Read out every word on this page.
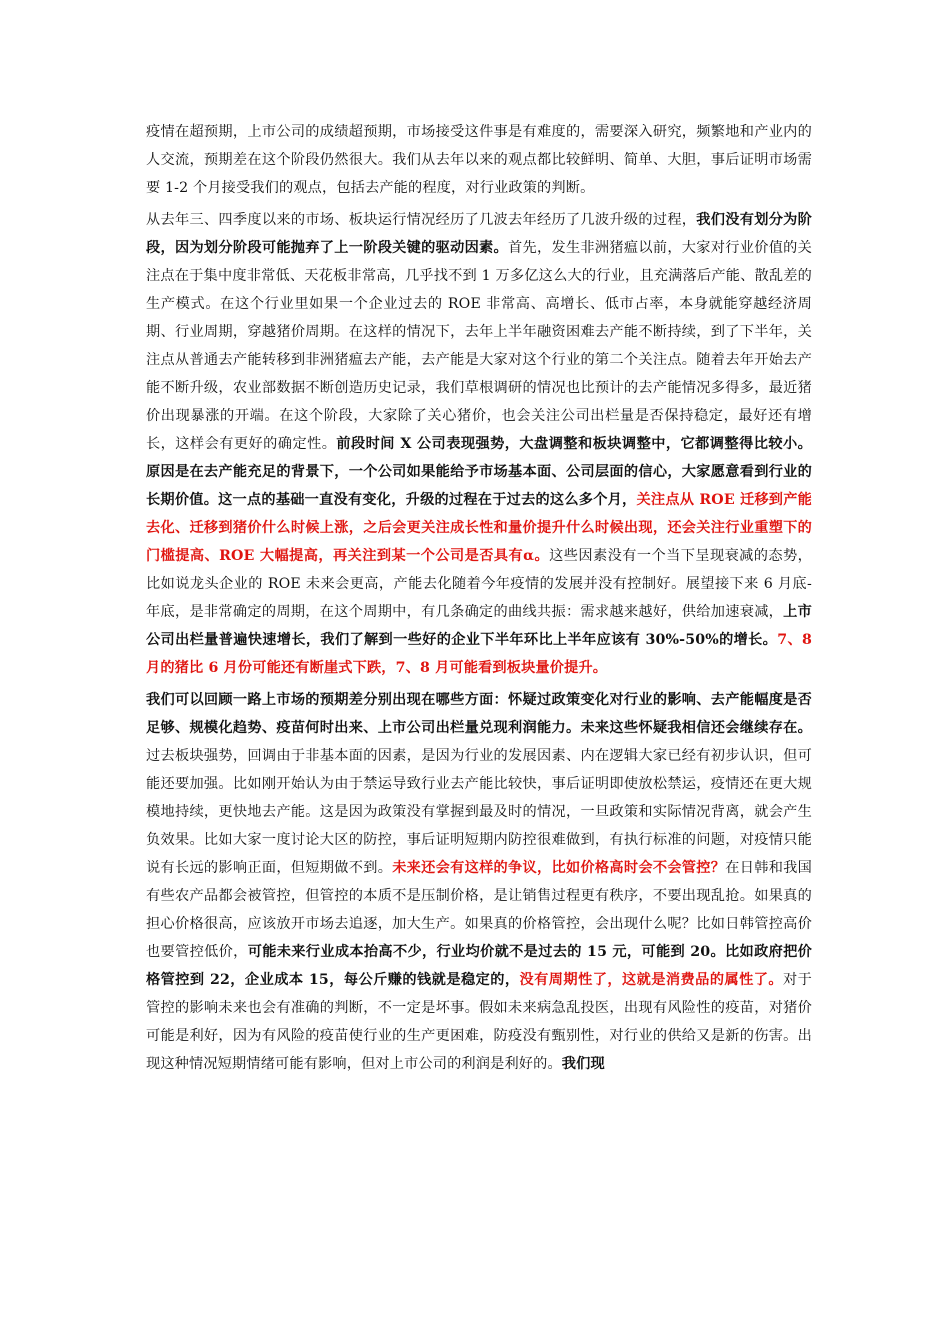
疫情在超预期，上市公司的成绩超预期，市场接受这件事是有难度的，需要深入研究，频繁地和产业内的人交流，预期差在这个阶段仍然很大。我们从去年以来的观点都比较鲜明、简单、大胆，事后证明市场需要 1-2 个月接受我们的观点，包括去产能的程度，对行业政策的判断。

从去年三、四季度以来的市场、板块运行情况经历了几波去年经历了几波升级的过程，我们没有划分为阶段，因为划分阶段可能抛弃了上一阶段关键的驱动因素。首先，发生非洲猪瘟以前，大家对行业价值的关注点在于集中度非常低、天花板非常高，几乎找不到 1 万多亿这么大的行业，且充满落后产能、散乱差的生产模式。在这个行业里如果一个企业过去的 ROE 非常高、高增长、低市占率，本身就能穿越经济周期、行业周期，穿越猪价周期。在这样的情况下，去年上半年融资困难去产能不断持续，到了下半年，关注点从普通去产能转移到非洲猪瘟去产能，去产能是大家对这个行业的第二个关注点。随着去年开始去产能不断升级，农业部数据不断创造历史记录，我们草根调研的情况也比预计的去产能情况多得多，最近猪价出现暴涨的开端。在这个阶段，大家除了关心猪价，也会关注公司出栏量是否保持稳定，最好还有增长，这样会有更好的确定性。前段时间 X 公司表现强势，大盘调整和板块调整中，它都调整得比较小。原因是在去产能充足的背景下，一个公司如果能给予市场基本面、公司层面的信心，大家愿意看到行业的长期价值。这一点的基础一直没有变化，升级的过程在于过去的这么多个月，关注点从 ROE 迁移到产能去化、迁移到猪价什么时候上涨，之后会更关注成长性和量价提升什么时候出现，还会关注行业重塑下的门槛提高、ROE 大幅提高，再关注到某一个公司是否具有α。这些因素没有一个当下呈现衰减的态势，比如说龙头企业的 ROE 未来会更高，产能去化随着今年疫情的发展并没有控制好。展望接下来 6 月底-年底，是非常确定的周期，在这个周期中，有几条确定的曲线共振：需求越来越好，供给加速衰减，上市公司出栏量普遍快速增长，我们了解到一些好的企业下半年环比上半年应该有 30%-50%的增长。7、8 月的猪比 6 月份可能还有断崖式下跌，7、8 月可能看到板块量价提升。

我们可以回顾一路上市场的预期差分别出现在哪些方面：怀疑过政策变化对行业的影响、去产能幅度是否足够、规模化趋势、疫苗何时出来、上市公司出栏量兑现利润能力。未来这些怀疑我相信还会继续存在。过去板块强势，回调由于非基本面的因素，是因为行业的发展因素、内在逻辑大家已经有初步认识，但可能还要加强。比如刚开始认为由于禁运导致行业去产能比较快，事后证明即使放松禁运，疫情还在更大规模地持续，更快地去产能。这是因为政策没有掌握到最及时的情况，一旦政策和实际情况背离，就会产生负效果。比如大家一度讨论大区的防控，事后证明短期内防控很难做到，有执行标准的问题，对疫情只能说有长远的影响正面，但短期做不到。未来还会有这样的争议，比如价格高时会不会管控？在日韩和我国有些农产品都会被管控，但管控的本质不是压制价格，是让销售过程更有秩序，不要出现乱抢。如果真的担心价格很高，应该放开市场去追逐，加大生产。如果真的价格管控，会出现什么呢？比如日韩管控高价也要管控低价，可能未来行业成本抬高不少，行业均价就不是过去的 15 元，可能到 20。比如政府把价格管控到 22，企业成本 15，每公斤赚的钱就是稳定的，没有周期性了，这就是消费品的属性了。对于管控的影响未来也会有准确的判断，不一定是坏事。假如未来病急乱投医，出现有风险性的疫苗，对猪价可能是利好，因为有风险的疫苗使行业的生产更困难，防疫没有甄别性，对行业的供给又是新的伤害。出现这种情况短期情绪可能有影响，但对上市公司的利润是利好的。我们现
